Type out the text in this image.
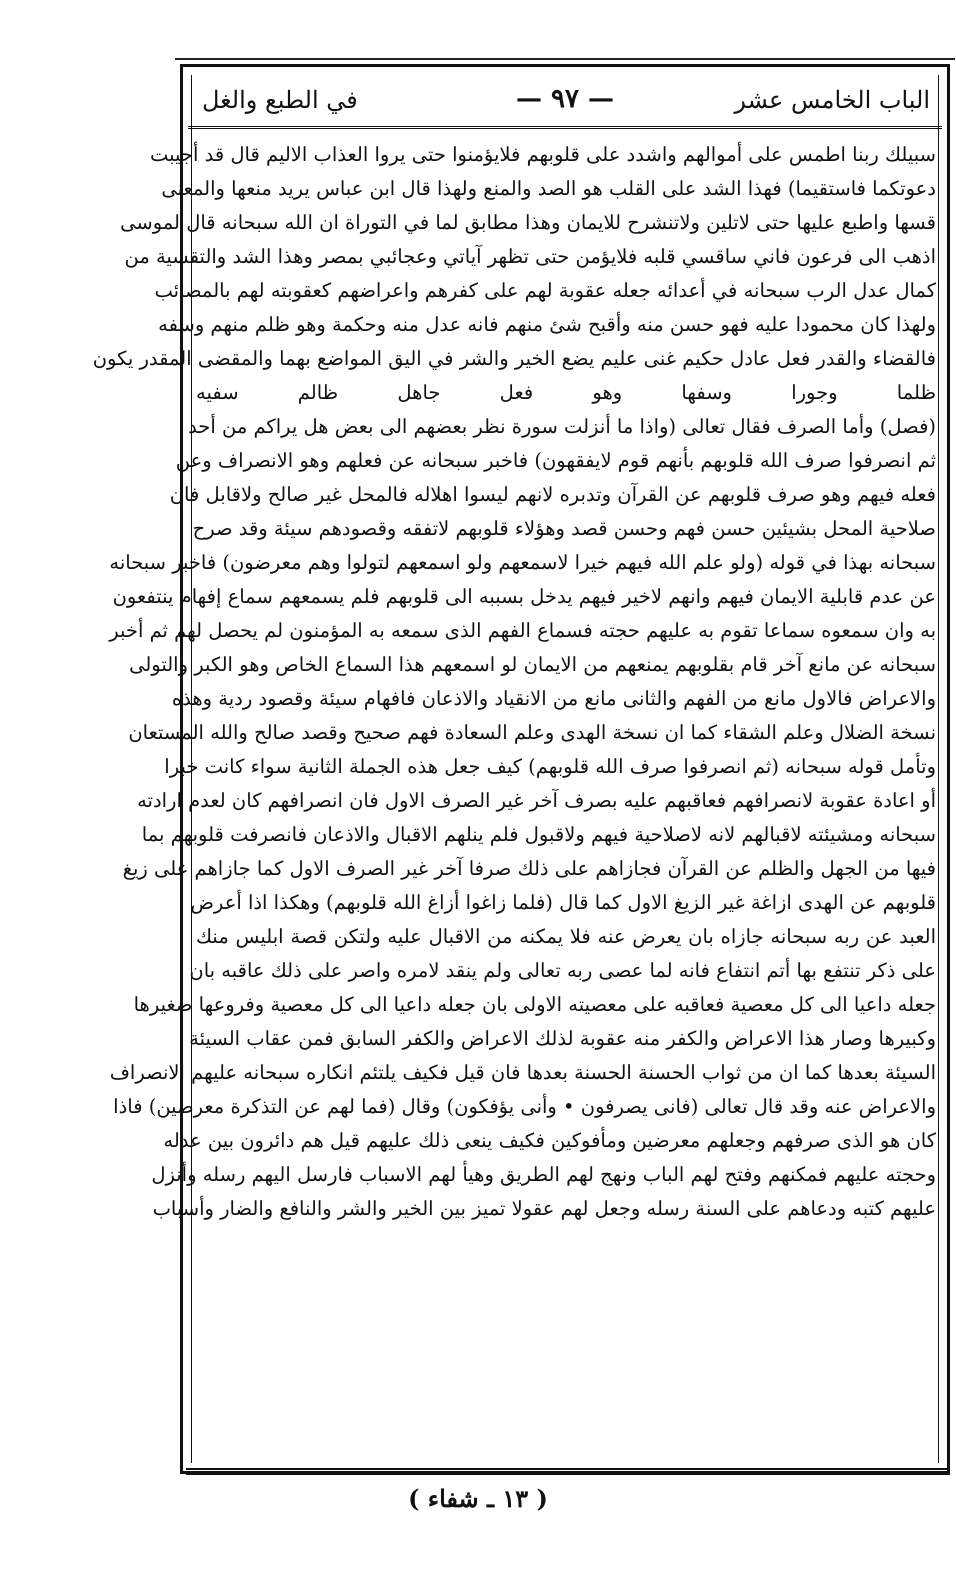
الباب الخامس عشر
— ٩٧ —
في الطبع والغل
سبيلك ربنا اطمس على أموالهم واشدد على قلوبهم فلايؤمنوا حتى يروا العذاب الاليم قال قد أجيبت
دعوتكما فاستقيما) فهذا الشد على القلب هو الصد والمنع ولهذا قال ابن عباس يريد منعها والمعنى
قسها واطبع عليها حتى لاتلين ولاتنشرح للايمان وهذا مطابق لما في التوراة ان الله سبحانه قال لموسى
اذهب الى فرعون فاني ساقسي قلبه فلايؤمن حتى تظهر آياتي وعجائبي بمصر وهذا الشد والتقسية من
كمال عدل الرب سبحانه في أعدائه جعله عقوبة لهم على كفرهم واعراضهم كعقوبته لهم بالمصائب
ولهذا كان محمودا عليه فهو حسن منه وأقبح شئ منهم فانه عدل منه وحكمة وهو ظلم منهم وسفه
فالقضاء والقدر فعل عادل حكيم غنى عليم يضع الخير والشر في اليق المواضع بهما والمقضى المقدر يكون
ظلما وجورا وسفها وهو فعل جاهل ظالم سفيه
(فصل) وأما الصرف فقال تعالى (واذا ما أنزلت سورة نظر بعضهم الى بعض هل يراكم من أحد
ثم انصرفوا صرف الله قلوبهم بأنهم قوم لايفقهون) فاخبر سبحانه عن فعلهم وهو الانصراف وعن
فعله فيهم وهو صرف قلوبهم عن القرآن وتدبره لانهم ليسوا اهلاله فالمحل غير صالح ولاقابل فان
صلاحية المحل بشيئين حسن فهم وحسن قصد وهؤلاء قلوبهم لاتفقه وقصودهم سيئة وقد صرح
سبحانه بهذا في قوله (ولو علم الله فيهم خيرا لاسمعهم ولو اسمعهم لتولوا وهم معرضون) فاخبر سبحانه
عن عدم قابلية الايمان فيهم وانهم لاخير فيهم يدخل بسببه الى قلوبهم فلم يسمعهم سماع إفهام ينتفعون
به وان سمعوه سماعا تقوم به عليهم حجته فسماع الفهم الذى سمعه به المؤمنون لم يحصل لهم ثم أخبر
سبحانه عن مانع آخر قام بقلوبهم يمنعهم من الايمان لو اسمعهم هذا السماع الخاص وهو الكبر والتولى
والاعراض فالاول مانع من الفهم والثانى مانع من الانقياد والاذعان فافهام سيئة وقصود ردية وهذه
نسخة الضلال وعلم الشقاء كما ان نسخة الهدى وعلم السعادة فهم صحيح وقصد صالح والله المستعان
وتأمل قوله سبحانه (ثم انصرفوا صرف الله قلوبهم) كيف جعل هذه الجملة الثانية سواء كانت خبرا
أو اعادة عقوبة لانصرافهم فعاقبهم عليه بصرف آخر غير الصرف الاول فان انصرافهم كان لعدم ارادته
سبحانه ومشيئته لاقبالهم لانه لاصلاحية فيهم ولاقبول فلم ينلهم الاقبال والاذعان فانصرفت قلوبهم بما
فيها من الجهل والظلم عن القرآن فجازاهم على ذلك صرفا آخر غير الصرف الاول كما جازاهم على زيغ
قلوبهم عن الهدى ازاغة غير الزيغ الاول كما قال (فلما زاغوا أزاغ الله قلوبهم) وهكذا اذا أعرض
العبد عن ربه سبحانه جازاه بان يعرض عنه فلا يمكنه من الاقبال عليه ولتكن قصة ابليس منك
على ذكر تنتفع بها أتم انتفاع فانه لما عصى ربه تعالى ولم ينقد لامره واصر على ذلك عاقبه بان
جعله داعيا الى كل معصية فعاقبه على معصيته الاولى بان جعله داعيا الى كل معصية وفروعها صغيرها
وكبيرها وصار هذا الاعراض والكفر منه عقوبة لذلك الاعراض والكفر السابق فمن عقاب السيئة
السيئة بعدها كما ان من ثواب الحسنة الحسنة بعدها فان قيل فكيف يلتئم انكاره سبحانه عليهم الانصراف
والاعراض عنه وقد قال تعالى (فانى يصرفون • وأنى يؤفكون) وقال (فما لهم عن التذكرة معرضين) فاذا
كان هو الذى صرفهم وجعلهم معرضين ومأفوكين فكيف ينعى ذلك عليهم قيل هم دائرون بين عدله
وحجته عليهم فمكنهم وفتح لهم الباب ونهج لهم الطريق وهيأ لهم الاسباب فارسل اليهم رسله وأنزل
عليهم كتبه ودعاهم على السنة رسله وجعل لهم عقولا تميز بين الخير والشر والنافع والضار وأسباب
( ١٣ ـ شفاء )
